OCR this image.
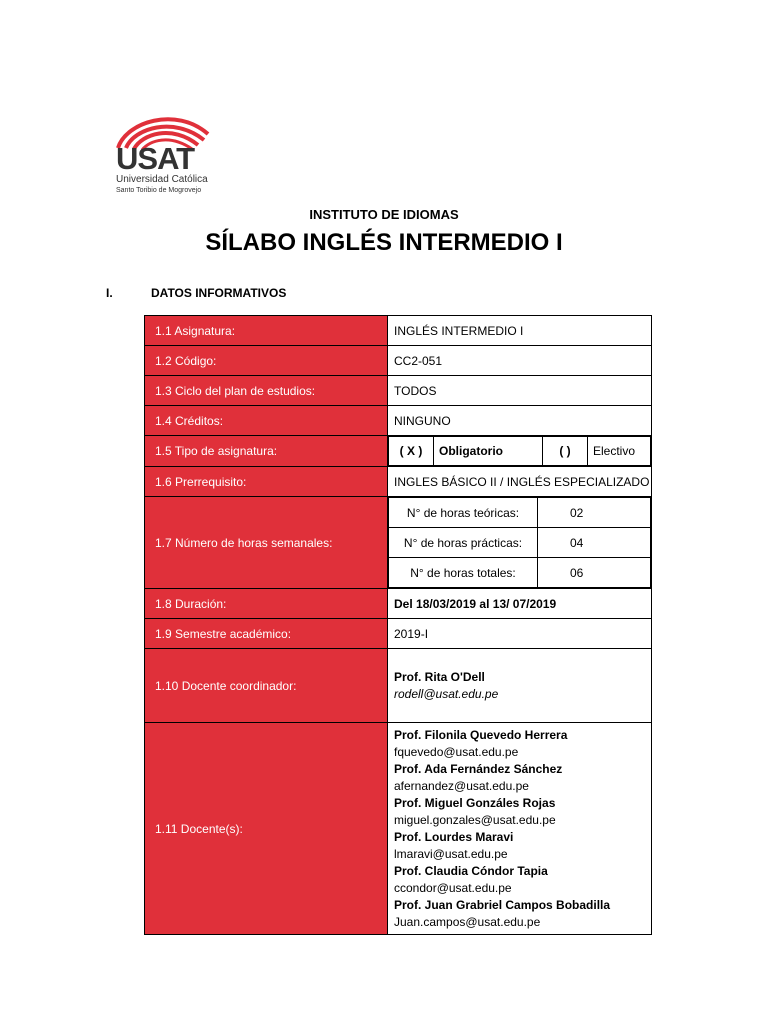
USAT
Universidad Católica
Santo Toribio de Mogrovejo
INSTITUTO DE IDIOMAS
SÍLABO INGLÉS INTERMEDIO I
I.	DATOS INFORMATIVOS
1.1 Asignatura:	INGLÉS INTERMEDIO I
1.2 Código:	CC2-051
1.3 Ciclo del plan de estudios:	TODOS
1.4 Créditos:	NINGUNO
1.5 Tipo de asignatura:		( X )	Obligatorio	( )	Electivo

1.6 Prerrequisito:	INGLES BÁSICO II / INGLÉS ESPECIALIZADO
1.7 Número de horas semanales:	
N° de horas teóricas:	02
N° de horas prácticas:	04
N° de horas totales:	06

1.8 Duración:	Del 18/03/2019 al 13/ 07/2019
1.9 Semestre académico:	2019-I
1.10 Docente coordinador:	
Prof. Rita O'Dell
rodell@usat.edu.pe

1.11 Docente(s):	
Prof. Filonila Quevedo Herrera
fquevedo@usat.edu.pe
Prof. Ada Fernández Sánchez
afernandez@usat.edu.pe
Prof. Miguel Gonzáles Rojas
miguel.gonzales@usat.edu.pe
Prof. Lourdes Maravi
lmaravi@usat.edu.pe
Prof. Claudia Cóndor Tapia
ccondor@usat.edu.pe
Prof. Juan Grabriel Campos Bobadilla
Juan.campos@usat.edu.pe
